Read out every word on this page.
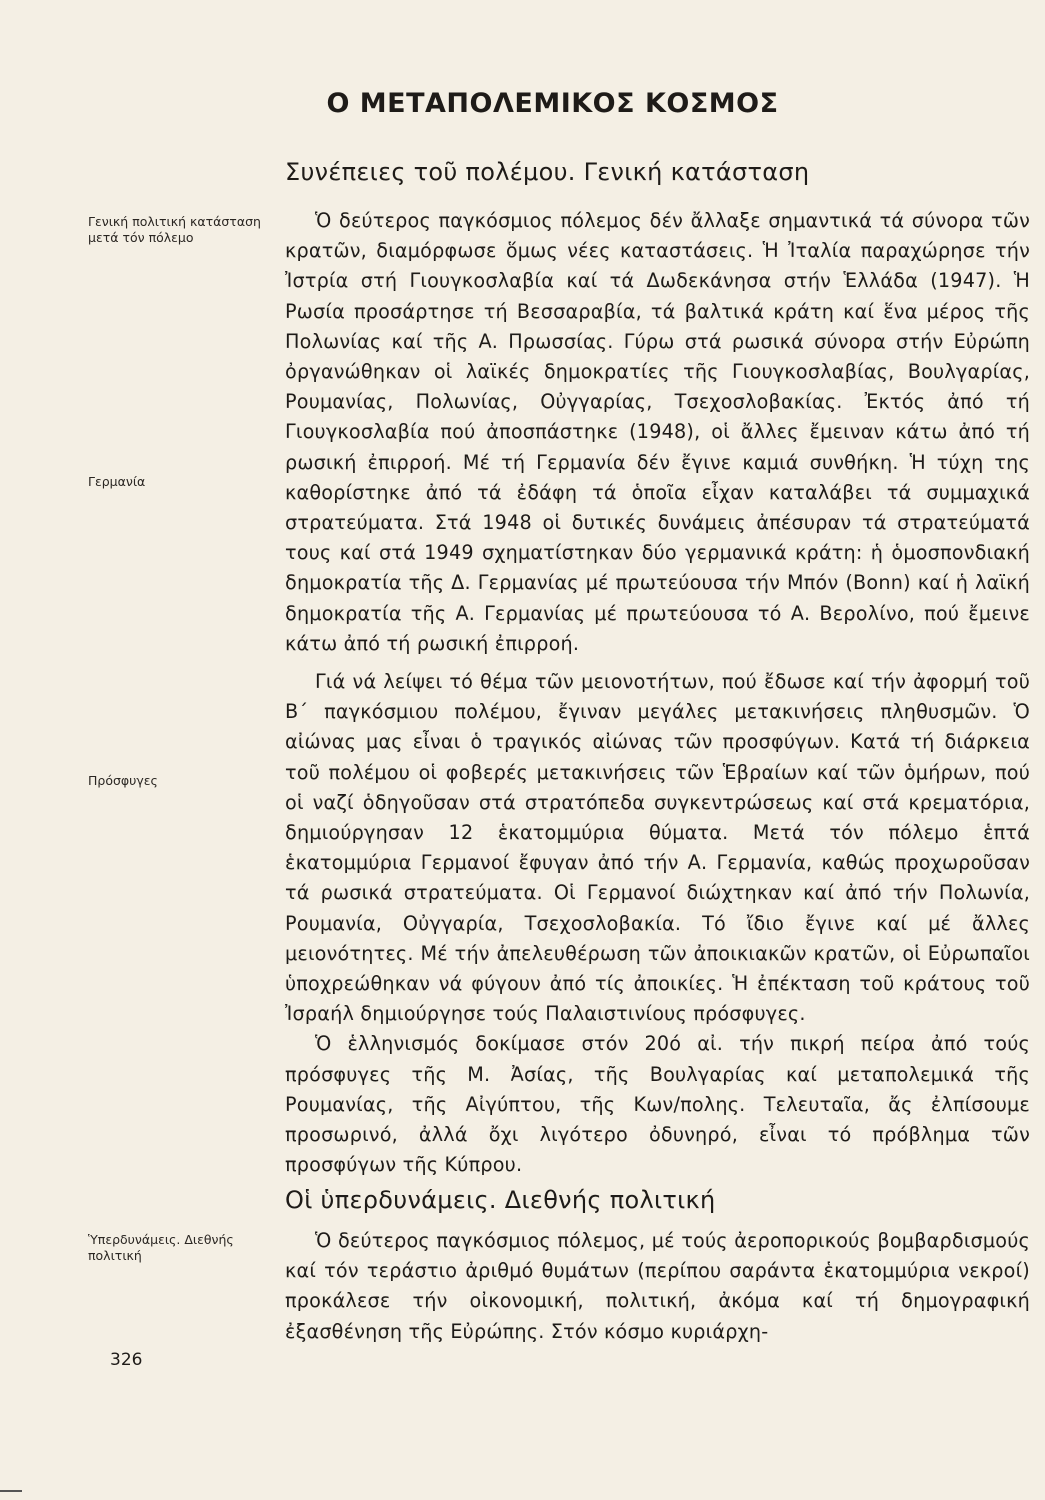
Ο ΜΕΤΑΠΟΛΕΜΙΚΟΣ ΚΟΣΜΟΣ
Συνέπειες τοῦ πολέμου. Γενική κατάσταση
Γενική πολιτική κατάσταση μετά τόν πόλεμο

Ὁ δεύτερος παγκόσμιος πόλεμος δέν ἄλλαξε σημαντικά τά σύνορα τῶν κρατῶν, διαμόρφωσε ὅμως νέες καταστάσεις. Ἡ Ἰταλία παραχώρησε τήν Ἰστρία στή Γιουγκοσλαβία καί τά Δωδεκάνησα στήν Ἑλλάδα (1947). Ἡ Ρωσία προσάρτησε τή Βεσσαραβία, τά βαλτικά κράτη καί ἕνα μέρος τῆς Πολωνίας καί τῆς Α. Πρωσσίας. Γύρω στά ρωσικά σύνορα στήν Εὐρώπη ὀργανώθηκαν οἱ λαϊκές δημοκρατίες τῆς Γιουγκοσλαβίας, Βουλγαρίας, Ρουμανίας, Πολωνίας, Οὐγγαρίας, Τσεχοσλοβακίας. Ἐκτός ἀπό τή Γιουγκοσλαβία πού ἀποσπάστηκε (1948), οἱ ἄλλες ἔμειναν κάτω ἀπό τή ρωσική ἐπιρροή. Μέ τή Γερμανία δέν ἔγινε καμιά συνθήκη. Ἡ τύχη της καθορίστηκε ἀπό τά ἐδάφη τά ὁποῖα εἶχαν καταλάβει τά συμμαχικά στρατεύματα. Στά 1948 οἱ δυτικές δυνάμεις ἀπέσυραν τά στρατεύματά τους καί στά 1949 σχηματίστηκαν δύο γερμανικά κράτη: ἡ ὁμοσπονδιακή δημοκρατία τῆς Δ. Γερμανίας μέ πρωτεύουσα τήν Μπόν (Bonn) καί ἡ λαϊκή δημοκρατία τῆς Α. Γερμανίας μέ πρωτεύουσα τό Α. Βερολίνο, πού ἔμεινε κάτω ἀπό τή ρωσική ἐπιρροή.

Γιά νά λείψει τό θέμα τῶν μειονοτήτων, πού ἔδωσε καί τήν ἀφορμή τοῦ Β΄ παγκόσμιου πολέμου, ἔγιναν μεγάλες μετακινήσεις πληθυσμῶν. Ὁ αἰώνας μας εἶναι ὁ τραγικός αἰώνας τῶν προσφύγων. Κατά τή διάρκεια τοῦ πολέμου οἱ φοβερές μετακινήσεις τῶν Ἑβραίων καί τῶν ὁμήρων, πού οἱ ναζί ὁδηγοῦσαν στά στρατόπεδα συγκεντρώσεως καί στά κρεματόρια, δημιούργησαν 12 ἑκατομμύρια θύματα. Μετά τόν πόλεμο ἑπτά ἑκατομμύρια Γερμανοί ἔφυγαν ἀπό τήν Α. Γερμανία, καθώς προχωροῦσαν τά ρωσικά στρατεύματα. Οἱ Γερμανοί διώχτηκαν καί ἀπό τήν Πολωνία, Ρουμανία, Οὐγγαρία, Τσεχοσλοβακία. Τό ἴδιο ἔγινε καί μέ ἄλλες μειονότητες. Μέ τήν ἀπελευθέρωση τῶν ἀποικιακῶν κρατῶν, οἱ Εὐρωπαῖοι ὑποχρεώθηκαν νά φύγουν ἀπό τίς ἀποικίες. Ἡ ἐπέκταση τοῦ κράτους τοῦ Ἰσραήλ δημιούργησε τούς Παλαιστινίους πρόσφυγες.

Ὁ ἑλληνισμός δοκίμασε στόν 20ό αἰ. τήν πικρή πείρα ἀπό τούς πρόσφυγες τῆς Μ. Ἀσίας, τῆς Βουλγαρίας καί μεταπολεμικά τῆς Ρουμανίας, τῆς Αἰγύπτου, τῆς Κων/πολης. Τελευταῖα, ἄς ἐλπίσουμε προσωρινό, ἀλλά ὄχι λιγότερο ὀδυνηρό, εἶναι τό πρόβλημα τῶν προσφύγων τῆς Κύπρου.

Γερμανία
Πρόσφυγες
Οἱ ὑπερδυνάμεις. Διεθνής πολιτική
Ὑπερδυνάμεις. Διεθνής πολιτική

Ὁ δεύτερος παγκόσμιος πόλεμος, μέ τούς ἀεροπορικούς βομβαρδισμούς καί τόν τεράστιο ἀριθμό θυμάτων (περίπου σαράντα ἑκατομμύρια νεκροί) προκάλεσε τήν οἰκονομική, πολιτική, ἀκόμα καί τή δημογραφική ἐξασθένηση τῆς Εὐρώπης. Στόν κόσμο κυριάρχη-

326
